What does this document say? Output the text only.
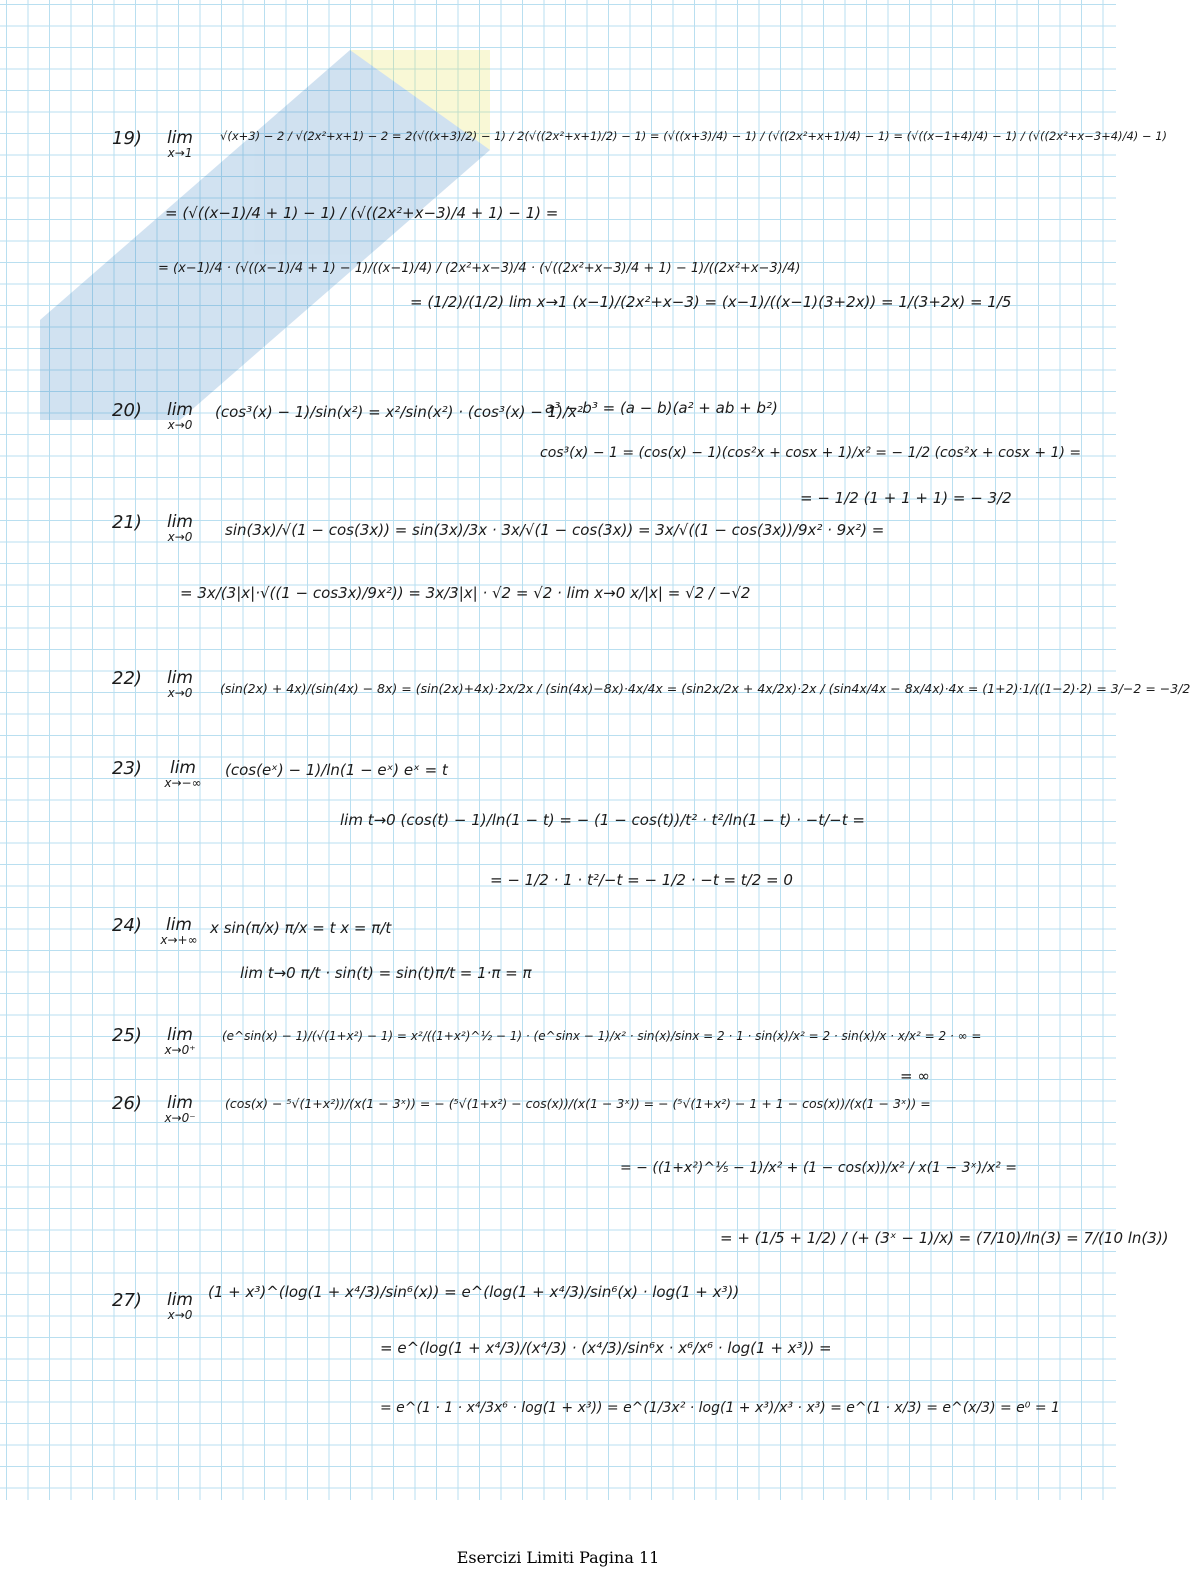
19)	lim
x→1
√(x+3) − 2 / √(2x²+x+1) − 2 = 2(√((x+3)/2) − 1) / 2(√((2x²+x+1)/2) − 1) = (√((x+3)/4) − 1) / (√((2x²+x+1)/4) − 1) = (√((x−1+4)/4) − 1) / (√((2x²+x−3+4)/4) − 1)
= (√((x−1)/4 + 1) − 1) / (√((2x²+x−3)/4 + 1) − 1) =
= (x−1)/4 · (√((x−1)/4 + 1) − 1)/((x−1)/4) / (2x²+x−3)/4 · (√((2x²+x−3)/4 + 1) − 1)/((2x²+x−3)/4)
= (1/2)/(1/2) lim x→1 (x−1)/(2x²+x−3) = (x−1)/((x−1)(3+2x)) = 1/(3+2x) = 1/5
20)	lim
x→0
(cos³(x) − 1)/sin(x²) = x²/sin(x²) · (cos³(x) − 1)/x²
a³ − b³ = (a − b)(a² + ab + b²)
cos³(x) − 1 = (cos(x) − 1)(cos²x + cosx + 1)/x² = − 1/2 (cos²x + cosx + 1) =
= − 1/2 (1 + 1 + 1) = − 3/2
21)	lim
x→0	sin(3x)/√(1 − cos(3x)) = sin(3x)/3x · 3x/√(1 − cos(3x)) = 3x/√((1 − cos(3x))/9x² · 9x²) =
= 3x/(3|x|·√((1 − cos3x)/9x²)) = 3x/3|x| · √2 = √2 · lim x→0 x/|x| = √2 / −√2
22)	lim
x→0	(sin(2x) + 4x)/(sin(4x) − 8x) = (sin(2x)+4x)·2x/2x / (sin(4x)−8x)·4x/4x = (sin2x/2x + 4x/2x)·2x / (sin4x/4x − 8x/4x)·4x = (1+2)·1/((1−2)·2) = 3/−2 = −3/2
23)	lim
x→−∞
(cos(eˣ) − 1)/ln(1 − eˣ) eˣ = t
lim t→0 (cos(t) − 1)/ln(1 − t) = − (1 − cos(t))/t² · t²/ln(1 − t) · −t/−t =
= − 1/2 · 1 · t²/−t = − 1/2 · −t = t/2 = 0
24)	lim
x→+∞
x sin(π/x) π/x = t x = π/t
lim t→0 π/t · sin(t) = sin(t)π/t = 1·π = π
25)	lim
x→0⁺
(e^sin(x) − 1)/(√(1+x²) − 1) = x²/((1+x²)^½ − 1) · (e^sinx − 1)/x² · sin(x)/sinx = 2 · 1 · sin(x)/x² = 2 · sin(x)/x · x/x² = 2 · ∞ =
= ∞
26)	lim
x→0⁻
(cos(x) − ⁵√(1+x²))/(x(1 − 3ˣ)) = − (⁵√(1+x²) − cos(x))/(x(1 − 3ˣ)) = − (⁵√(1+x²) − 1 + 1 − cos(x))/(x(1 − 3ˣ)) =
= − ((1+x²)^⅕ − 1)/x² + (1 − cos(x))/x² / x(1 − 3ˣ)/x² =
= + (1/5 + 1/2) / (+ (3ˣ − 1)/x) = (7/10)/ln(3) = 7/(10 ln(3))
27)	lim
x→0
(1 + x³)^(log(1 + x⁴/3)/sin⁶(x)) = e^(log(1 + x⁴/3)/sin⁶(x) · log(1 + x³))
= e^(log(1 + x⁴/3)/(x⁴/3) · (x⁴/3)/sin⁶x · x⁶/x⁶ · log(1 + x³)) =
= e^(1 · 1 · x⁴/3x⁶ · log(1 + x³)) = e^(1/3x² · log(1 + x³)/x³ · x³) = e^(1 · x/3) = e^(x/3) = e⁰ = 1
Esercizi Limiti Pagina 11
